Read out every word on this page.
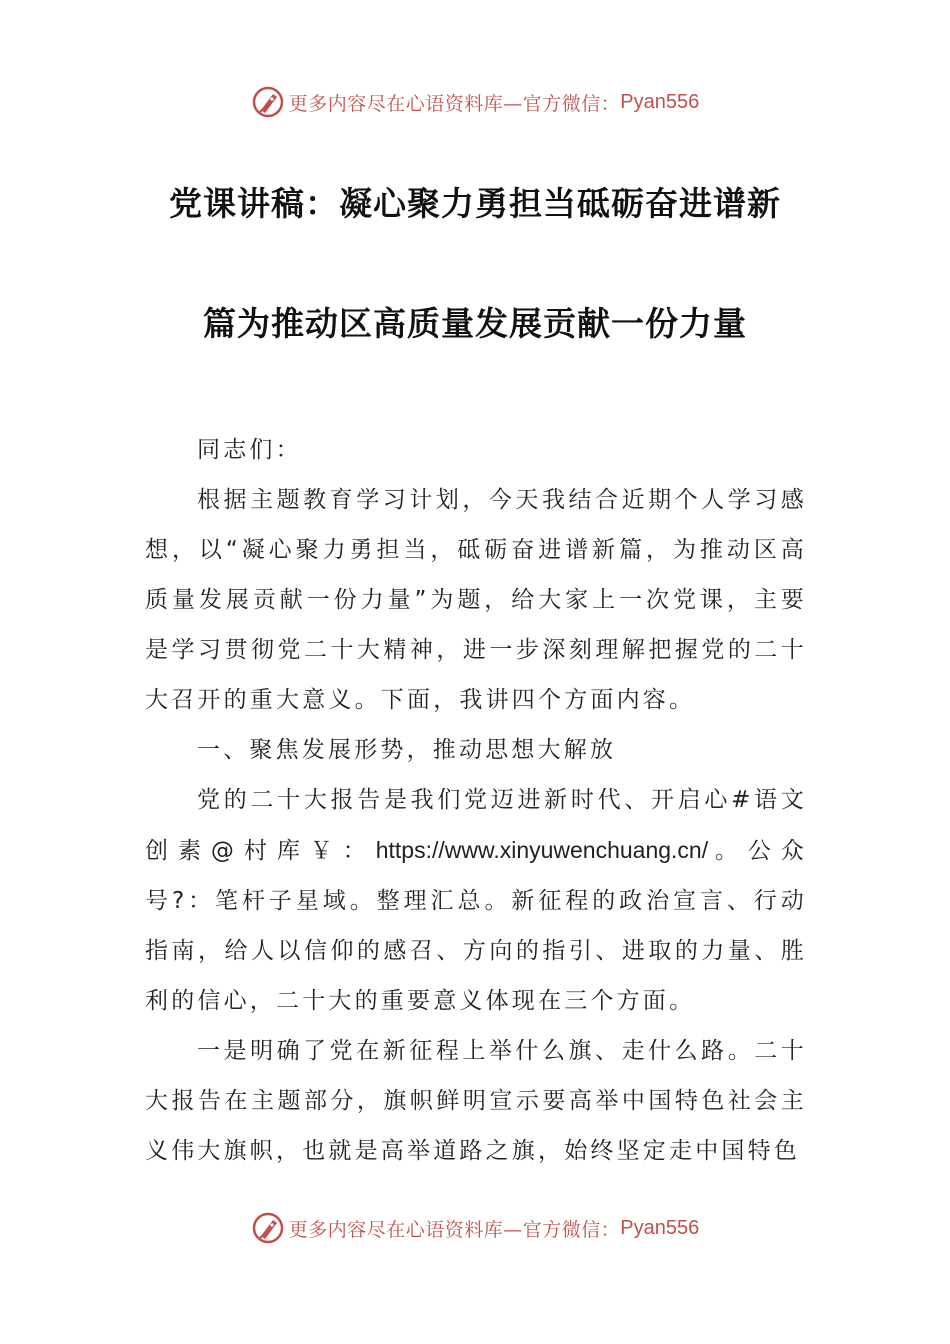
更多内容尽在心语资料库—官方微信： Pyan556
党课讲稿：凝心聚力勇担当砥砺奋进谱新
篇为推动区高质量发展贡献一份力量

同志们：

根据主题教育学习计划，今天我结合近期个人学习感想，以“凝心聚力勇担当，砥砺奋进谱新篇，为推动区高质量发展贡献一份力量”为题，给大家上一次党课，主要是学习贯彻党二十大精神，进一步深刻理解把握党的二十大召开的重大意义。下面，我讲四个方面内容。

一、聚焦发展形势，推动思想大解放

党的二十大报告是我们党迈进新时代、开启心#语文创素@村库￥：https://www.xinyuwenchuang.cn/。公众号?：笔杆子星域。整理汇总。新征程的政治宣言、行动指南，给人以信仰的感召、方向的指引、进取的力量、胜利的信心，二十大的重要意义体现在三个方面。

一是明确了党在新征程上举什么旗、走什么路。二十大报告在主题部分，旗帜鲜明宣示要高举中国特色社会主义伟大旗帜，也就是高举道路之旗，始终坚定走中国特色

更多内容尽在心语资料库—官方微信： Pyan556
